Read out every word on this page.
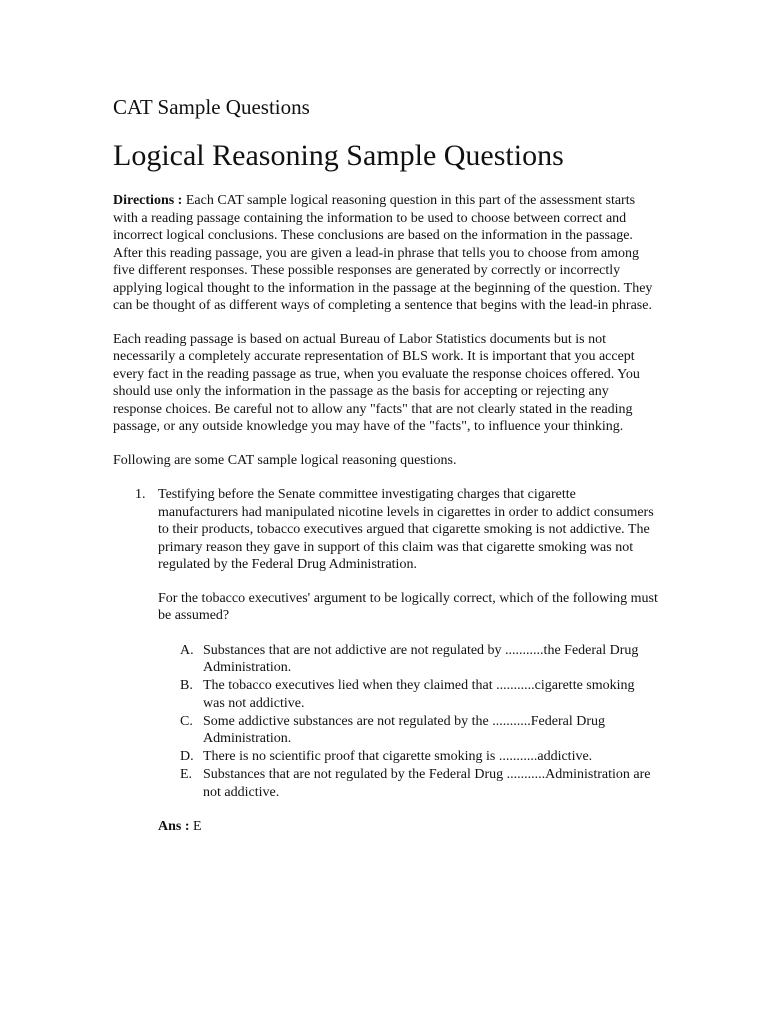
CAT Sample Questions
Logical Reasoning Sample Questions

Directions : Each CAT sample logical reasoning question in this part of the assessment starts with a reading passage containing the information to be used to choose between correct and incorrect logical conclusions. These conclusions are based on the information in the passage. After this reading passage, you are given a lead-in phrase that tells you to choose from among five different responses. These possible responses are generated by correctly or incorrectly applying logical thought to the information in the passage at the beginning of the question. They can be thought of as different ways of completing a sentence that begins with the lead-in phrase.

Each reading passage is based on actual Bureau of Labor Statistics documents but is not necessarily a completely accurate representation of BLS work. It is important that you accept every fact in the reading passage as true, when you evaluate the response choices offered. You should use only the information in the passage as the basis for accepting or rejecting any response choices. Be careful not to allow any "facts" that are not clearly stated in the reading passage, or any outside knowledge you may have of the "facts", to influence your thinking.

Following are some CAT sample logical reasoning questions.

1. Testifying before the Senate committee investigating charges that cigarette manufacturers had manipulated nicotine levels in cigarettes in order to addict consumers to their products, tobacco executives argued that cigarette smoking is not addictive. The primary reason they gave in support of this claim was that cigarette smoking was not regulated by the Federal Drug Administration.
For the tobacco executives' argument to be logically correct, which of the following must be assumed?
A. Substances that are not addictive are not regulated by ...........the Federal Drug Administration.
B. The tobacco executives lied when they claimed that ...........cigarette smoking was not addictive.
C. Some addictive substances are not regulated by the ...........Federal Drug Administration.
D. There is no scientific proof that cigarette smoking is ...........addictive.
E. Substances that are not regulated by the Federal Drug ...........Administration are not addictive.
Ans : E
